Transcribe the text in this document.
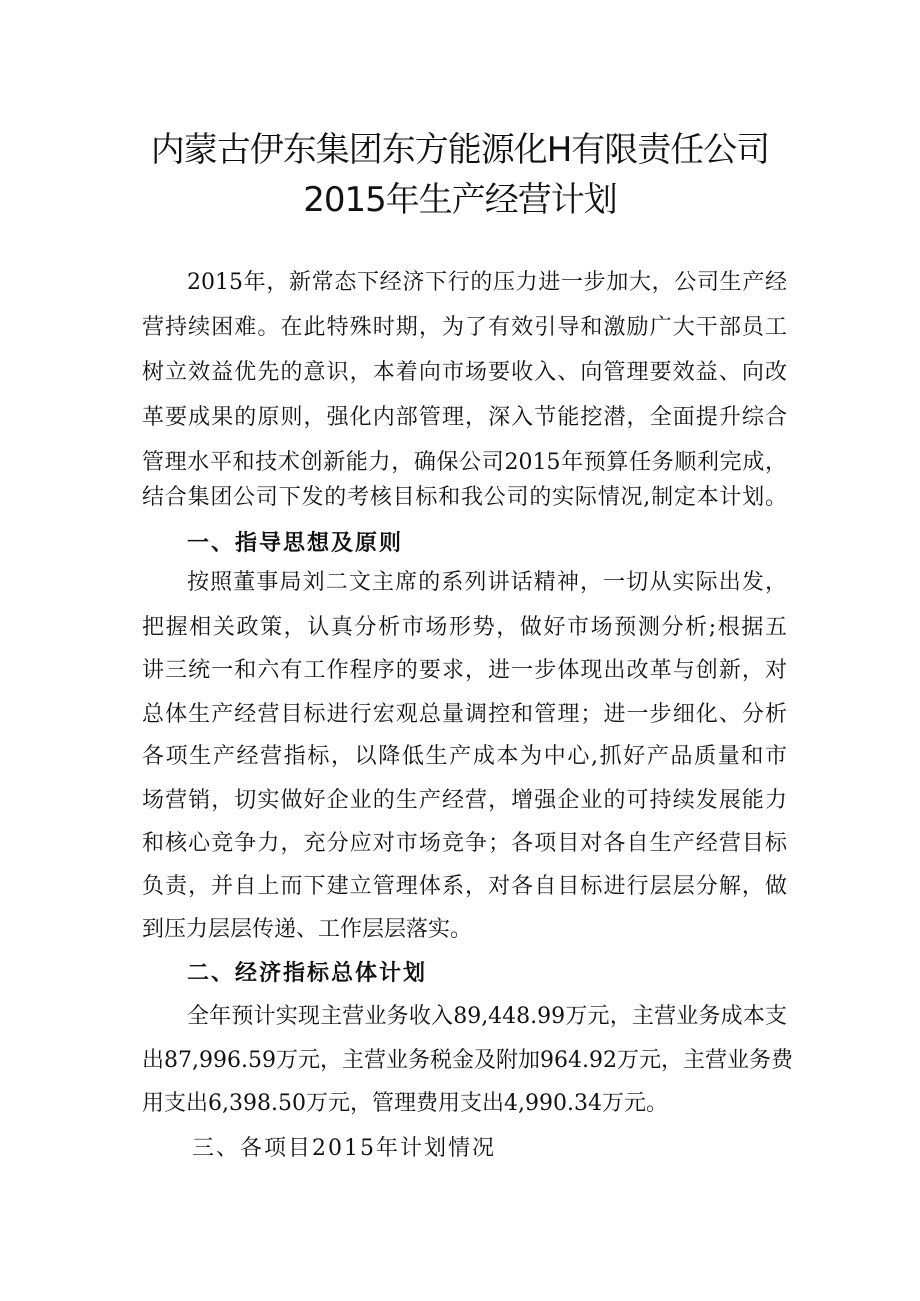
内蒙古伊东集团东方能源化H有限责任公司
2015年生产经营计划
2015年，新常态下经济下行的压力进一步加大，公司生产经
营持续困难。在此特殊时期，为了有效引导和激励广大干部员工
树立效益优先的意识，本着向市场要收入、向管理要效益、向改
革要成果的原则，强化内部管理，深入节能挖潜，全面提升综合
管理水平和技术创新能力，确保公司2015年预算任务顺利完成，
结合集团公司下发的考核目标和我公司的实际情况,制定本计划。
一、指导思想及原则
按照董事局刘二文主席的系列讲话精神，一切从实际出发，
把握相关政策，认真分析市场形势，做好市场预测分析;根据五
讲三统一和六有工作程序的要求，进一步体现出改革与创新，对
总体生产经营目标进行宏观总量调控和管理；进一步细化、分析
各项生产经营指标，以降低生产成本为中心,抓好产品质量和市
场营销，切实做好企业的生产经营，增强企业的可持续发展能力
和核心竞争力，充分应对市场竞争；各项目对各自生产经营目标
负责，并自上而下建立管理体系，对各自目标进行层层分解，做
到压力层层传递、工作层层落实。
二、经济指标总体计划
全年预计实现主营业务收入89,448.99万元，主营业务成本支
出87,996.59万元，主营业务税金及附加964.92万元，主营业务费
用支出6,398.50万元，管理费用支出4,990.34万元。
三、各项目2015年计划情况
